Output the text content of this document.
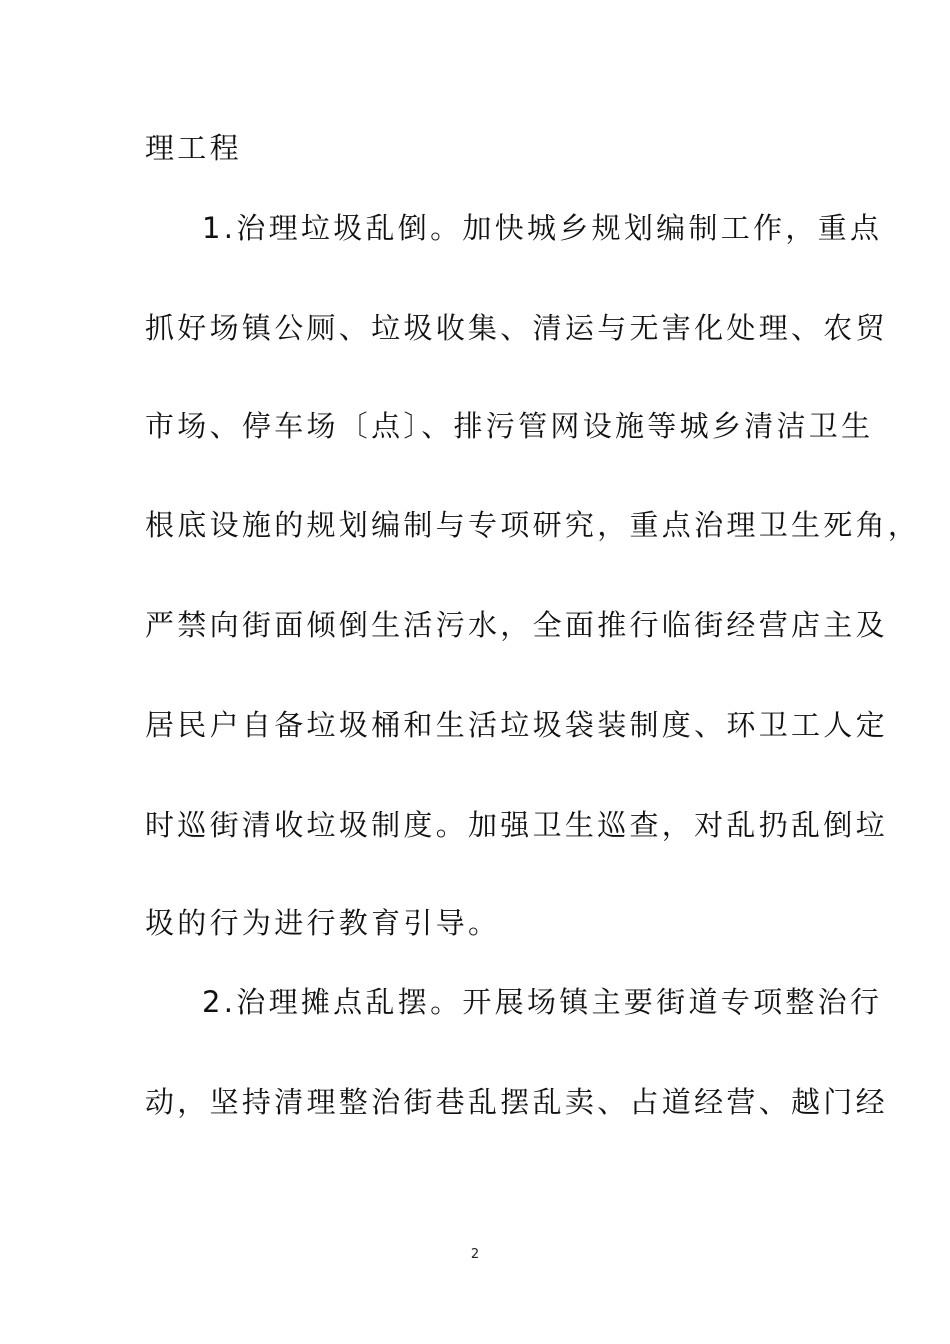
理工程
1.治理垃圾乱倒。加快城乡规划编制工作，重点
抓好场镇公厕、垃圾收集、清运与无害化处理、农贸
市场、停车场〔点〕、排污管网设施等城乡清洁卫生
根底设施的规划编制与专项研究，重点治理卫生死角，
严禁向街面倾倒生活污水，全面推行临街经营店主及
居民户自备垃圾桶和生活垃圾袋装制度、环卫工人定
时巡街清收垃圾制度。加强卫生巡查，对乱扔乱倒垃
圾的行为进行教育引导。
2.治理摊点乱摆。开展场镇主要街道专项整治行
动，坚持清理整治街巷乱摆乱卖、占道经营、越门经
2
